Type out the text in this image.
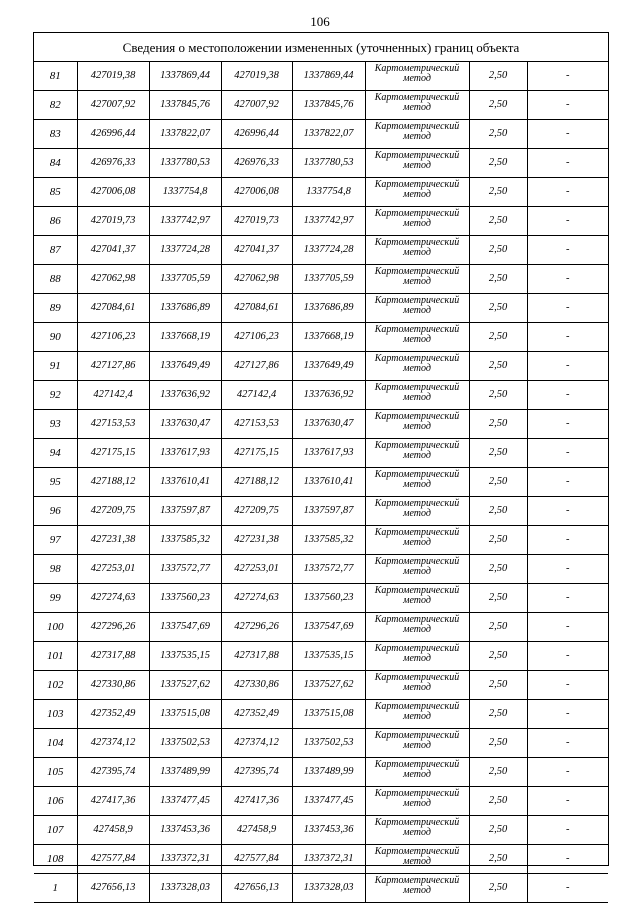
106
Сведения о местоположении измененных (уточненных) границ объекта
81	427019,38	1337869,44	427019,38	1337869,44	Картометрический метод	2,50	-
82	427007,92	1337845,76	427007,92	1337845,76	Картометрический метод	2,50	-
83	426996,44	1337822,07	426996,44	1337822,07	Картометрический метод	2,50	-
84	426976,33	1337780,53	426976,33	1337780,53	Картометрический метод	2,50	-
85	427006,08	1337754,8	427006,08	1337754,8	Картометрический метод	2,50	-
86	427019,73	1337742,97	427019,73	1337742,97	Картометрический метод	2,50	-
87	427041,37	1337724,28	427041,37	1337724,28	Картометрический метод	2,50	-
88	427062,98	1337705,59	427062,98	1337705,59	Картометрический метод	2,50	-
89	427084,61	1337686,89	427084,61	1337686,89	Картометрический метод	2,50	-
90	427106,23	1337668,19	427106,23	1337668,19	Картометрический метод	2,50	-
91	427127,86	1337649,49	427127,86	1337649,49	Картометрический метод	2,50	-
92	427142,4	1337636,92	427142,4	1337636,92	Картометрический метод	2,50	-
93	427153,53	1337630,47	427153,53	1337630,47	Картометрический метод	2,50	-
94	427175,15	1337617,93	427175,15	1337617,93	Картометрический метод	2,50	-
95	427188,12	1337610,41	427188,12	1337610,41	Картометрический метод	2,50	-
96	427209,75	1337597,87	427209,75	1337597,87	Картометрический метод	2,50	-
97	427231,38	1337585,32	427231,38	1337585,32	Картометрический метод	2,50	-
98	427253,01	1337572,77	427253,01	1337572,77	Картометрический метод	2,50	-
99	427274,63	1337560,23	427274,63	1337560,23	Картометрический метод	2,50	-
100	427296,26	1337547,69	427296,26	1337547,69	Картометрический метод	2,50	-
101	427317,88	1337535,15	427317,88	1337535,15	Картометрический метод	2,50	-
102	427330,86	1337527,62	427330,86	1337527,62	Картометрический метод	2,50	-
103	427352,49	1337515,08	427352,49	1337515,08	Картометрический метод	2,50	-
104	427374,12	1337502,53	427374,12	1337502,53	Картометрический метод	2,50	-
105	427395,74	1337489,99	427395,74	1337489,99	Картометрический метод	2,50	-
106	427417,36	1337477,45	427417,36	1337477,45	Картометрический метод	2,50	-
107	427458,9	1337453,36	427458,9	1337453,36	Картометрический метод	2,50	-
108	427577,84	1337372,31	427577,84	1337372,31	Картометрический метод	2,50	-
1	427656,13	1337328,03	427656,13	1337328,03	Картометрический метод	2,50	-
